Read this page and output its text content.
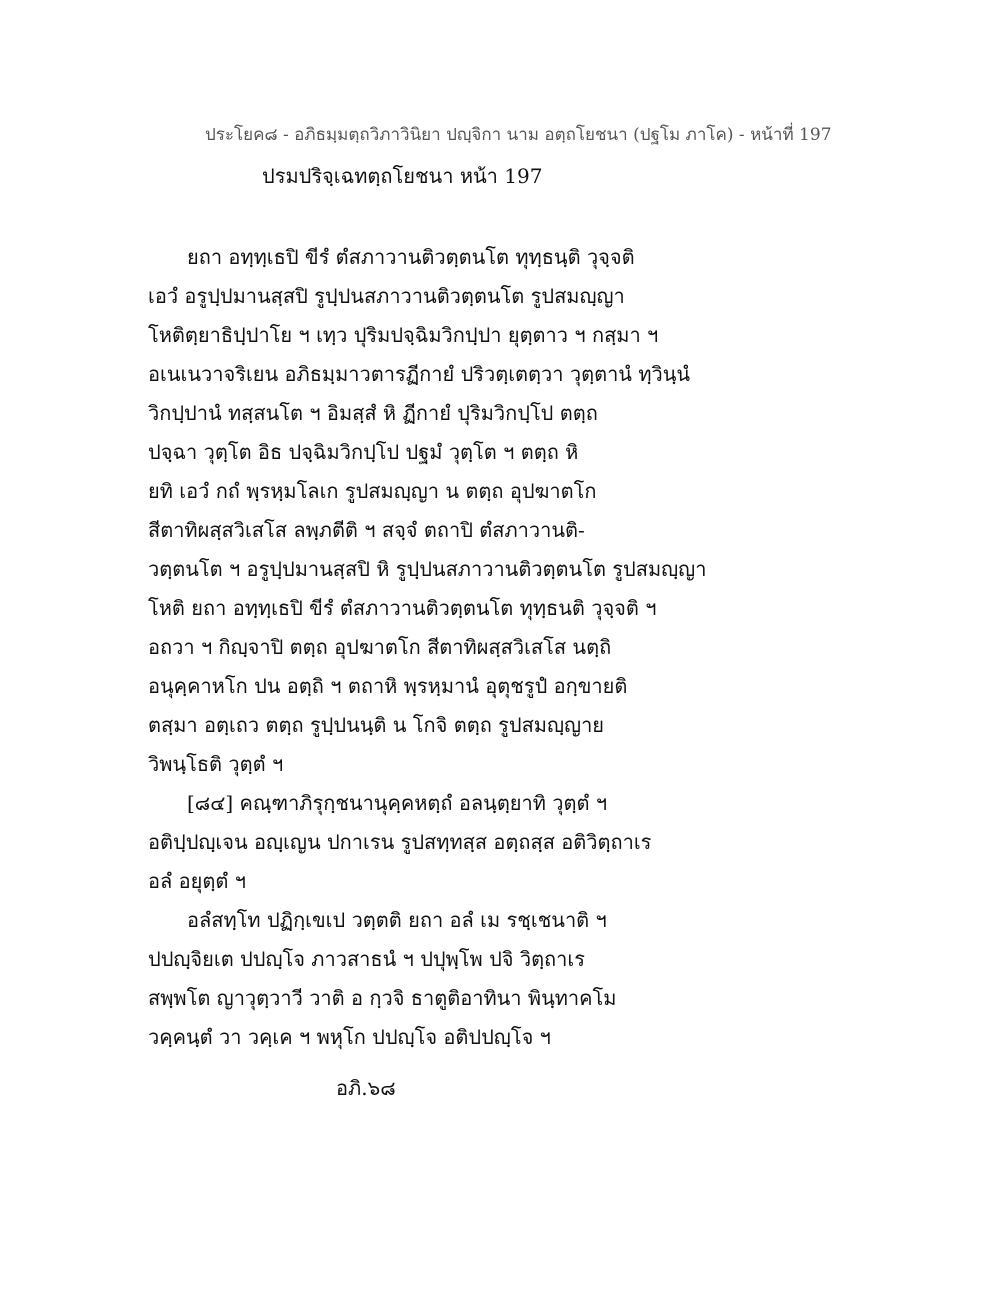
ประโยค๘ - อภิธมฺมตฺถวิภาวินิยา ปญฺจิกา นาม อตฺถโยชนา (ปฐโม ภาโค) - หน้าที่ 197
ปรมปริจฺเฉทตฺถโยชนา หน้า 197
ยถา อทฺทฺเธปิ ขีรํ ตํสภาวานติวตฺตนโต ทุทฺธนฺติ วุจฺจติ
เอวํ อรูปฺปมานสฺสปิ รูปฺปนสภาวานติวตฺตนโต รูปสมญฺญา
โหติตฺยาธิปฺปาโย ฯ เทฺว ปุริมปจฺฉิมวิกปฺปา ยุตฺตาว ฯ กสฺมา ฯ
อเนเนวาจริเยน อภิธมฺมาวตารฏีกายํ ปริวตฺเตตฺวา วุตฺตานํ ทฺวินฺนํ
วิกปฺปานํ ทสฺสนโต ฯ อิมสฺสํ หิ ฏีกายํ ปุริมวิกปฺโป ตตฺถ
ปจฺฉา วุตฺโต อิธ ปจฺฉิมวิกปฺโป ปฐมํ วุตฺโต ฯ ตตฺถ หิ
ยทิ เอวํ กถํ พฺรหฺมโลเก รูปสมญฺญา น ตตฺถ อุปฆาตโก
สีตาทิผสฺสวิเสโส ลพฺภตีติ ฯ สจฺจํ ตถาปิ ตํสภาวานติ-
วตฺตนโต ฯ อรูปฺปมานสฺสปิ หิ รูปฺปนสภาวานติวตฺตนโต รูปสมญฺญา
โหติ ยถา อทฺทฺเธปิ ขีรํ ตํสภาวานติวตฺตนโต ทุทฺธนติ วุจฺจติ ฯ
อถวา ฯ กิญฺจาปิ ตตฺถ อุปฆาตโก สีตาทิผสฺสวิเสโส นตฺถิ
อนุคฺคาหโก ปน อตฺถิ ฯ ตถาหิ พฺรหฺมานํ อุตุชรูปํ อกฺขายติ
ตสฺมา อตฺเถว ตตฺถ รูปฺปนนฺติ น โกจิ ตตฺถ รูปสมญฺญาย
วิพนฺโธติ วุตฺตํ ฯ
[๘๔] คณฺฑาภิรุกฺชนานุคฺคหตฺถํ อลนฺตฺยาทิ วุตฺตํ ฯ
อติปฺปญฺเจน อญฺเญน ปกาเรน รูปสทฺทสฺส อตฺถสฺส อติวิตฺถาเร
อลํ อยุตฺตํ ฯ
อลํสทฺโท ปฏิกฺเขเป วตฺตติ ยถา อลํ เม รชฺเชนาติ ฯ
ปปญฺจิยเต ปปญฺโจ ภาวสาธนํ ฯ ปปุพฺโพ ปจิ วิตฺถาเร
สพฺพโต ญาวุตฺวาวี วาติ อ กฺวจิ ธาตูติอาทินา พินฺทาคโม
วคฺคนฺตํ วา วคฺเค ฯ พหุโก ปปญฺโจ อติปปญฺโจ ฯ
อภิ.๖๘
